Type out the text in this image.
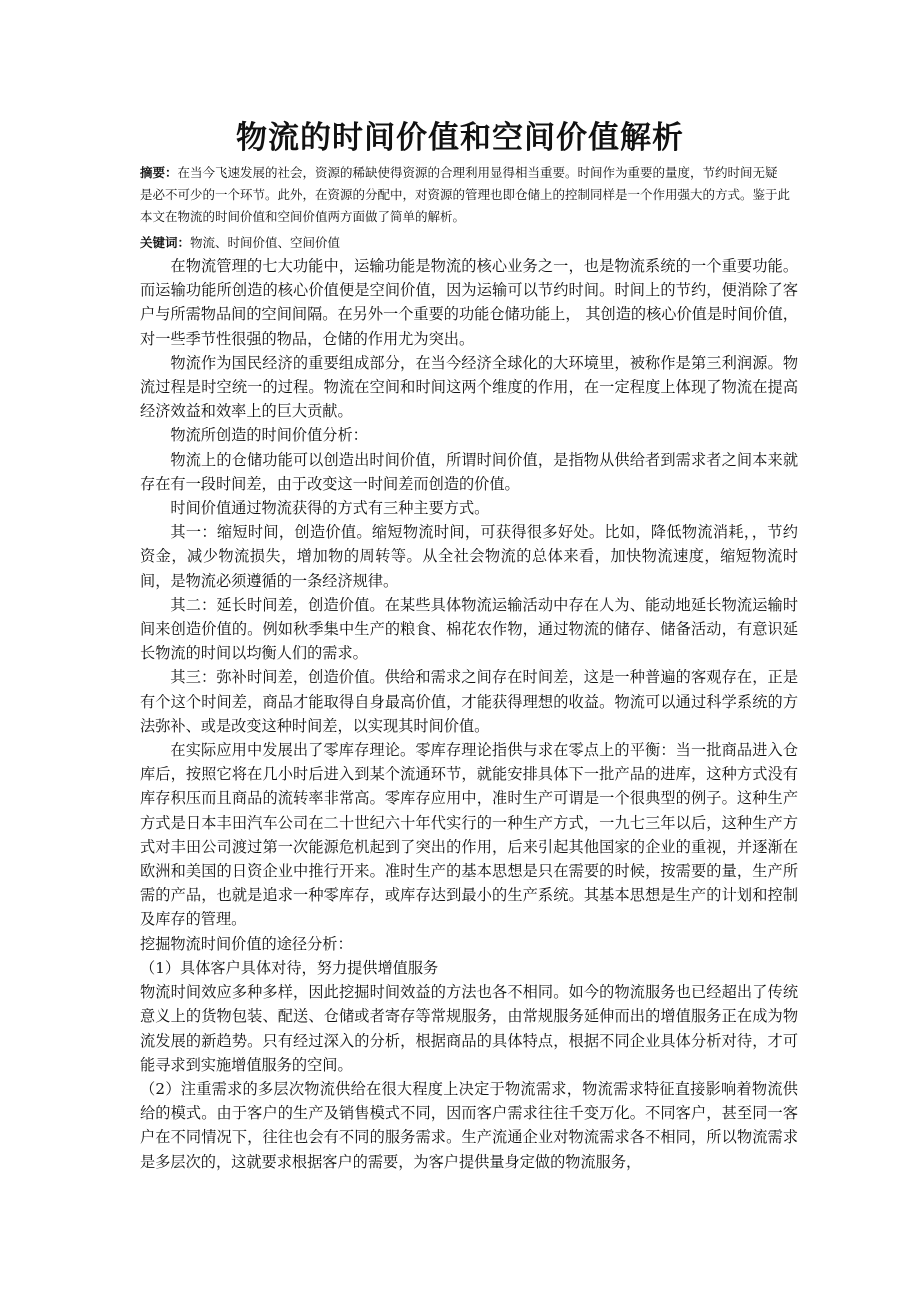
物流的时间价值和空间价值解析

摘要：在当今飞速发展的社会，资源的稀缺使得资源的合理利用显得相当重要。时间作为重要的量度，节约时间无疑是必不可少的一个环节。此外，在资源的分配中，对资源的管理也即仓储上的控制同样是一个作用强大的方式。鉴于此本文在物流的时间价值和空间价值两方面做了简单的解析。

关键词：物流、时间价值、空间价值

在物流管理的七大功能中，运输功能是物流的核心业务之一，也是物流系统的一个重要功能。而运输功能所创造的核心价值便是空间价值，因为运输可以节约时间。时间上的节约，便消除了客户与所需物品间的空间间隔。在另外一个重要的功能仓储功能上， 其创造的核心价值是时间价值，对一些季节性很强的物品，仓储的作用尤为突出。

物流作为国民经济的重要组成部分，在当今经济全球化的大环境里，被称作是第三利润源。物流过程是时空统一的过程。物流在空间和时间这两个维度的作用，在一定程度上体现了物流在提高经济效益和效率上的巨大贡献。

物流所创造的时间价值分析：

物流上的仓储功能可以创造出时间价值，所谓时间价值，是指物从供给者到需求者之间本来就存在有一段时间差，由于改变这一时间差而创造的价值。

时间价值通过物流获得的方式有三种主要方式。

其一：缩短时间，创造价值。缩短物流时间，可获得很多好处。比如，降低物流消耗，，节约资金，减少物流损失，增加物的周转等。从全社会物流的总体来看，加快物流速度，缩短物流时间，是物流必须遵循的一条经济规律。

其二：延长时间差，创造价值。在某些具体物流运输活动中存在人为、能动地延长物流运输时间来创造价值的。例如秋季集中生产的粮食、棉花农作物，通过物流的储存、储备活动，有意识延长物流的时间以均衡人们的需求。

其三：弥补时间差，创造价值。供给和需求之间存在时间差，这是一种普遍的客观存在，正是有个这个时间差，商品才能取得自身最高价值，才能获得理想的收益。物流可以通过科学系统的方法弥补、或是改变这种时间差，以实现其时间价值。

在实际应用中发展出了零库存理论。零库存理论指供与求在零点上的平衡：当一批商品进入仓库后，按照它将在几小时后进入到某个流通环节，就能安排具体下一批产品的进库，这种方式没有库存积压而且商品的流转率非常高。零库存应用中，准时生产可谓是一个很典型的例子。这种生产方式是日本丰田汽车公司在二十世纪六十年代实行的一种生产方式，一九七三年以后，这种生产方式对丰田公司渡过第一次能源危机起到了突出的作用，后来引起其他国家的企业的重视，并逐渐在欧洲和美国的日资企业中推行开来。准时生产的基本思想是只在需要的时候，按需要的量，生产所需的产品，也就是追求一种零库存，或库存达到最小的生产系统。其基本思想是生产的计划和控制及库存的管理。

挖掘物流时间价值的途径分析：

（1）具体客户具体对待，努力提供增值服务

物流时间效应多种多样，因此挖掘时间效益的方法也各不相同。如今的物流服务也已经超出了传统意义上的货物包装、配送、仓储或者寄存等常规服务，由常规服务延伸而出的增值服务正在成为物流发展的新趋势。只有经过深入的分析，根据商品的具体特点，根据不同企业具体分析对待，才可能寻求到实施增值服务的空间。

（2）注重需求的多层次物流供给在很大程度上决定于物流需求，物流需求特征直接影响着物流供给的模式。由于客户的生产及销售模式不同，因而客户需求往往千变万化。不同客户，甚至同一客户在不同情况下，往往也会有不同的服务需求。生产流通企业对物流需求各不相同，所以物流需求是多层次的，这就要求根据客户的需要，为客户提供量身定做的物流服务，
